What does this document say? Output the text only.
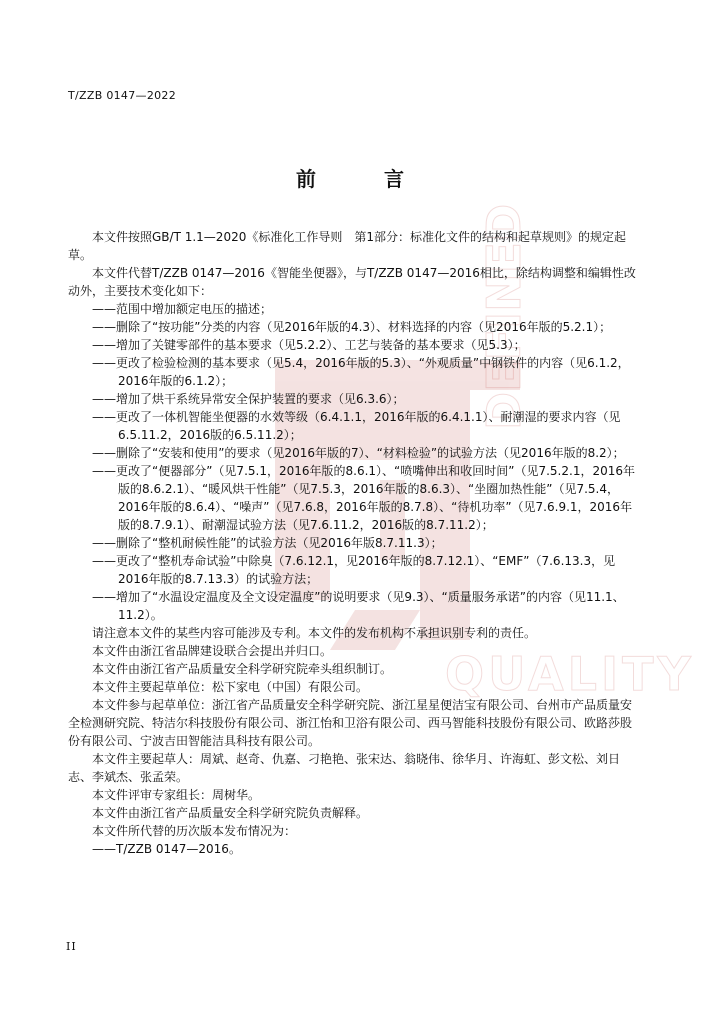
DEFINED
QUALITY
T/ZZB 0147—2022
前　言

本文件按照GB/T 1.1—2020《标准化工作导则　第1部分：标准化文件的结构和起草规则》的规定起草。

本文件代替T/ZZB 0147—2016《智能坐便器》，与T/ZZB 0147—2016相比，除结构调整和编辑性改动外，主要技术变化如下：

——范围中增加额定电压的描述；

——删除了“按功能”分类的内容（见2016年版的4.3）、材料选择的内容（见2016年版的5.2.1）；

——增加了关键零部件的基本要求（见5.2.2）、工艺与装备的基本要求（见5.3）；

——更改了检验检测的基本要求（见5.4，2016年版的5.3）、“外观质量”中钢铁件的内容（见6.1.2，2016年版的6.1.2）；

——增加了烘干系统异常安全保护装置的要求（见6.3.6）；

——更改了一体机智能坐便器的水效等级（6.4.1.1，2016年版的6.4.1.1）、耐潮湿的要求内容（见6.5.11.2，2016版的6.5.11.2）；

——删除了“安装和使用”的要求（见2016年版的7）、“材料检验”的试验方法（见2016年版的8.2）；

——更改了“便器部分”（见7.5.1，2016年版的8.6.1）、“喷嘴伸出和收回时间”（见7.5.2.1，2016年版的8.6.2.1）、“暖风烘干性能”（见7.5.3，2016年版的8.6.3）、“坐圈加热性能”（见7.5.4，2016年版的8.6.4）、“噪声”（见7.6.8，2016年版的8.7.8）、“待机功率”（见7.6.9.1，2016年版的8.7.9.1）、耐潮湿试验方法（见7.6.11.2，2016版的8.7.11.2）；

——删除了“整机耐候性能”的试验方法（见2016年版8.7.11.3）；

——更改了“整机寿命试验”中除臭（7.6.12.1，见2016年版的8.7.12.1）、“EMF”（7.6.13.3，见2016年版的8.7.13.3）的试验方法；

——增加了“水温设定温度及全文设定温度”的说明要求（见9.3）、“质量服务承诺”的内容（见11.1、11.2）。

请注意本文件的某些内容可能涉及专利。本文件的发布机构不承担识别专利的责任。

本文件由浙江省品牌建设联合会提出并归口。

本文件由浙江省产品质量安全科学研究院牵头组织制订。

本文件主要起草单位：松下家电（中国）有限公司。

本文件参与起草单位：浙江省产品质量安全科学研究院、浙江星星便洁宝有限公司、台州市产品质量安全检测研究院、特洁尔科技股份有限公司、浙江怡和卫浴有限公司、西马智能科技股份有限公司、欧路莎股份有限公司、宁波吉田智能洁具科技有限公司。

本文件主要起草人：周斌、赵奇、仇嘉、刁艳艳、张宋达、翁晓伟、徐华月、许海虹、彭文松、刘日志、李斌杰、张孟荣。

本文件评审专家组长：周树华。

本文件由浙江省产品质量安全科学研究院负责解释。

本文件所代替的历次版本发布情况为：

——T/ZZB 0147—2016。

II
